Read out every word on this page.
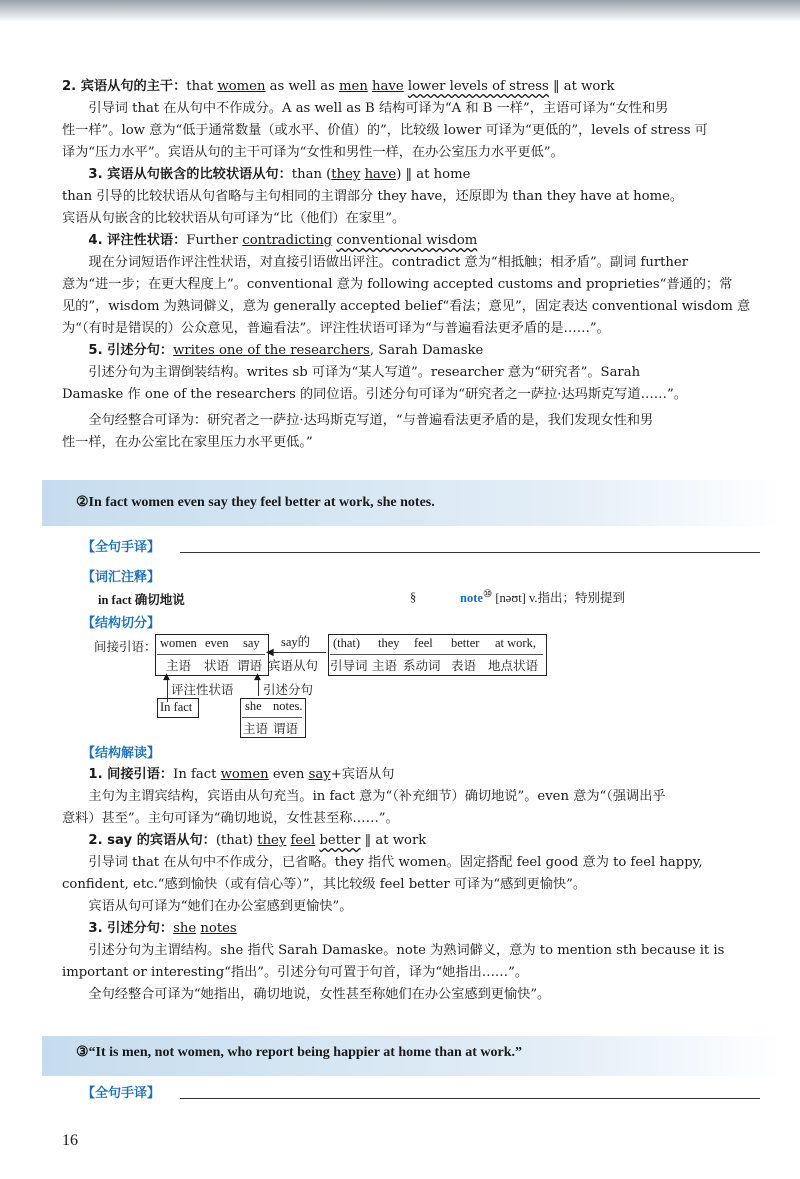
2. 宾语从句的主干：that women as well as men have lower levels of stress ‖ at work

引导词 that 在从句中不作成分。A as well as B 结构可译为“A 和 B 一样”，主语可译为“女性和男

性一样”。low 意为“低于通常数量（或水平、价值）的”，比较级 lower 可译为“更低的”，levels of stress 可

译为“压力水平”。宾语从句的主干可译为“女性和男性一样，在办公室压力水平更低”。

3. 宾语从句嵌含的比较状语从句：than (they have) ‖ at home

than 引导的比较状语从句省略与主句相同的主谓部分 they have，还原即为 than they have at home。

宾语从句嵌含的比较状语从句可译为“比（他们）在家里”。

4. 评注性状语：Further contradicting conventional wisdom

现在分词短语作评注性状语，对直接引语做出评注。contradict 意为“相抵触；相矛盾”。副词 further

意为“进一步；在更大程度上”。conventional 意为 following accepted customs and proprieties“普通的；常

见的”，wisdom 为熟词僻义，意为 generally accepted belief“看法；意见”，固定表达 conventional wisdom 意

为“（有时是错误的）公众意见，普遍看法”。评注性状语可译为“与普遍看法更矛盾的是……”。

5. 引述分句：writes one of the researchers, Sarah Damaske

引述分句为主谓倒装结构。writes sb 可译为“某人写道”。researcher 意为“研究者”。Sarah

Damaske 作 one of the researchers 的同位语。引述分句可译为“研究者之一萨拉·达玛斯克写道……”。

全句经整合可译为：研究者之一萨拉·达玛斯克写道，“与普遍看法更矛盾的是，我们发现女性和男

性一样，在办公室比在家里压力水平更低。”

②In fact women even say they feel better at work, she notes.
【全句手译】
【词汇注释】
in fact 确切地说	§	note⑩ [nəʊt] v.指出；特别提到
【结构切分】
间接引语： women even say
主语 状语 谓语
say的
◀
宾语从句
(that) they feel better at work,
引导词 主语 系动词 表语 地点状语
▲
评注性状语
▲
引述分句
In fact	she notes.
主语 谓语
【结构解读】

1. 间接引语：In fact women even say+宾语从句

主句为主谓宾结构，宾语由从句充当。in fact 意为“（补充细节）确切地说”。even 意为“（强调出乎

意料）甚至”。主句可译为“确切地说，女性甚至称……”。

2. say 的宾语从句：(that) they feel better ‖ at work

引导词 that 在从句中不作成分，已省略。they 指代 women。固定搭配 feel good 意为 to feel happy,

confident, etc.“感到愉快（或有信心等）”，其比较级 feel better 可译为“感到更愉快”。

宾语从句可译为“她们在办公室感到更愉快”。

3. 引述分句：she notes

引述分句为主谓结构。she 指代 Sarah Damaske。note 为熟词僻义，意为 to mention sth because it is

important or interesting“指出”。引述分句可置于句首，译为“她指出……”。

全句经整合可译为“她指出，确切地说，女性甚至称她们在办公室感到更愉快”。

③“It is men, not women, who report being happier at home than at work.”
【全句手译】
16
